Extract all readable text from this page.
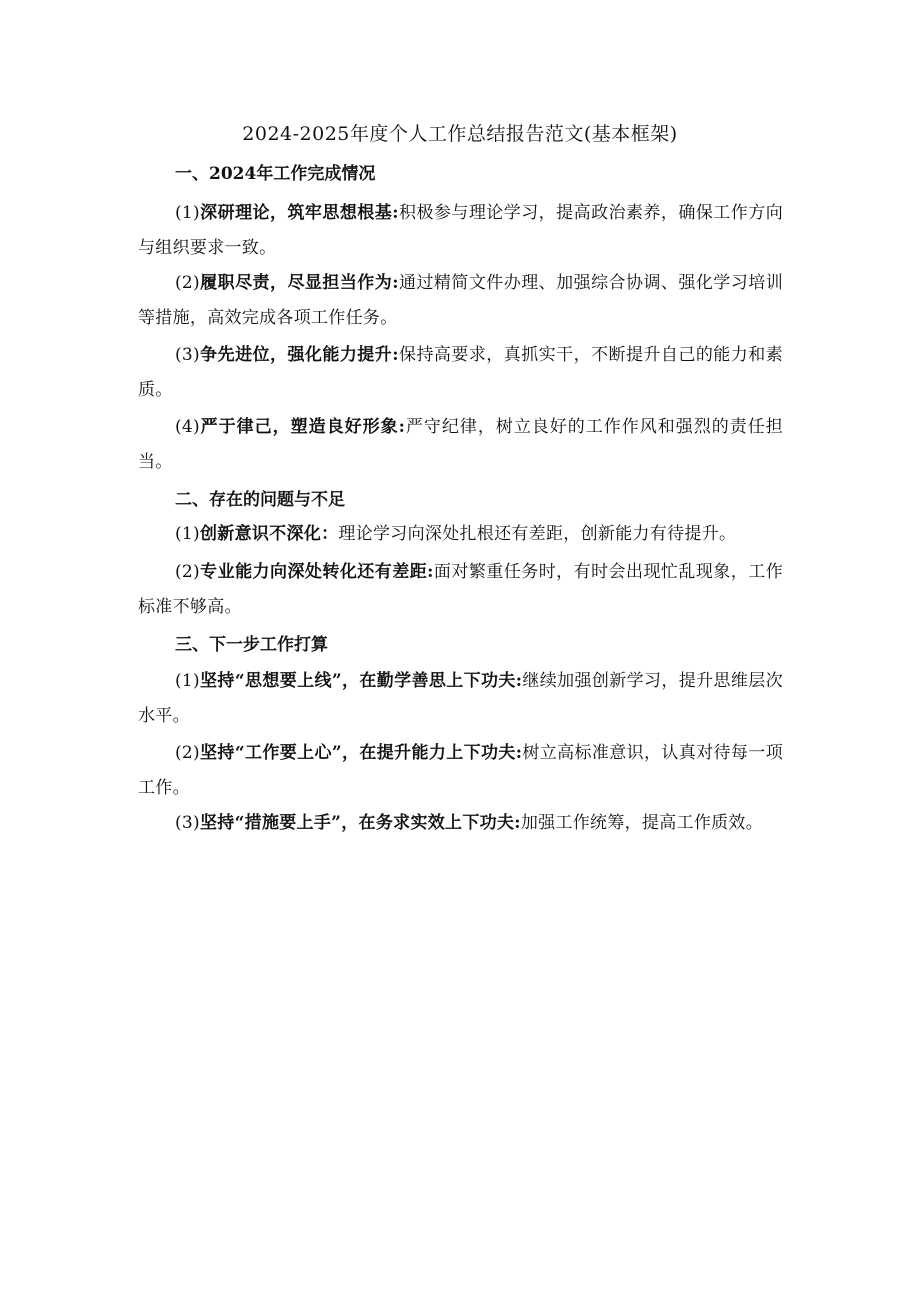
2024-2025年度个人工作总结报告范文(基本框架)
一、2024年工作完成情况
(1)深研理论，筑牢思想根基:积极参与理论学习，提高政治素养，确保工作方向与组织要求一致。
(2)履职尽责，尽显担当作为:通过精简文件办理、加强综合协调、强化学习培训等措施，高效完成各项工作任务。
(3)争先进位，强化能力提升:保持高要求，真抓实干，不断提升自己的能力和素质。
(4)严于律己，塑造良好形象:严守纪律，树立良好的工作作风和强烈的责任担当。
二、存在的问题与不足
(1)创新意识不深化：理论学习向深处扎根还有差距，创新能力有待提升。
(2)专业能力向深处转化还有差距:面对繁重任务时，有时会出现忙乱现象，工作标准不够高。
三、下一步工作打算
(1)坚持“思想要上线”，在勤学善思上下功夫:继续加强创新学习，提升思维层次水平。
(2)坚持“工作要上心”，在提升能力上下功夫:树立高标准意识，认真对待每一项工作。
(3)坚持“措施要上手”，在务求实效上下功夫:加强工作统筹，提高工作质效。
